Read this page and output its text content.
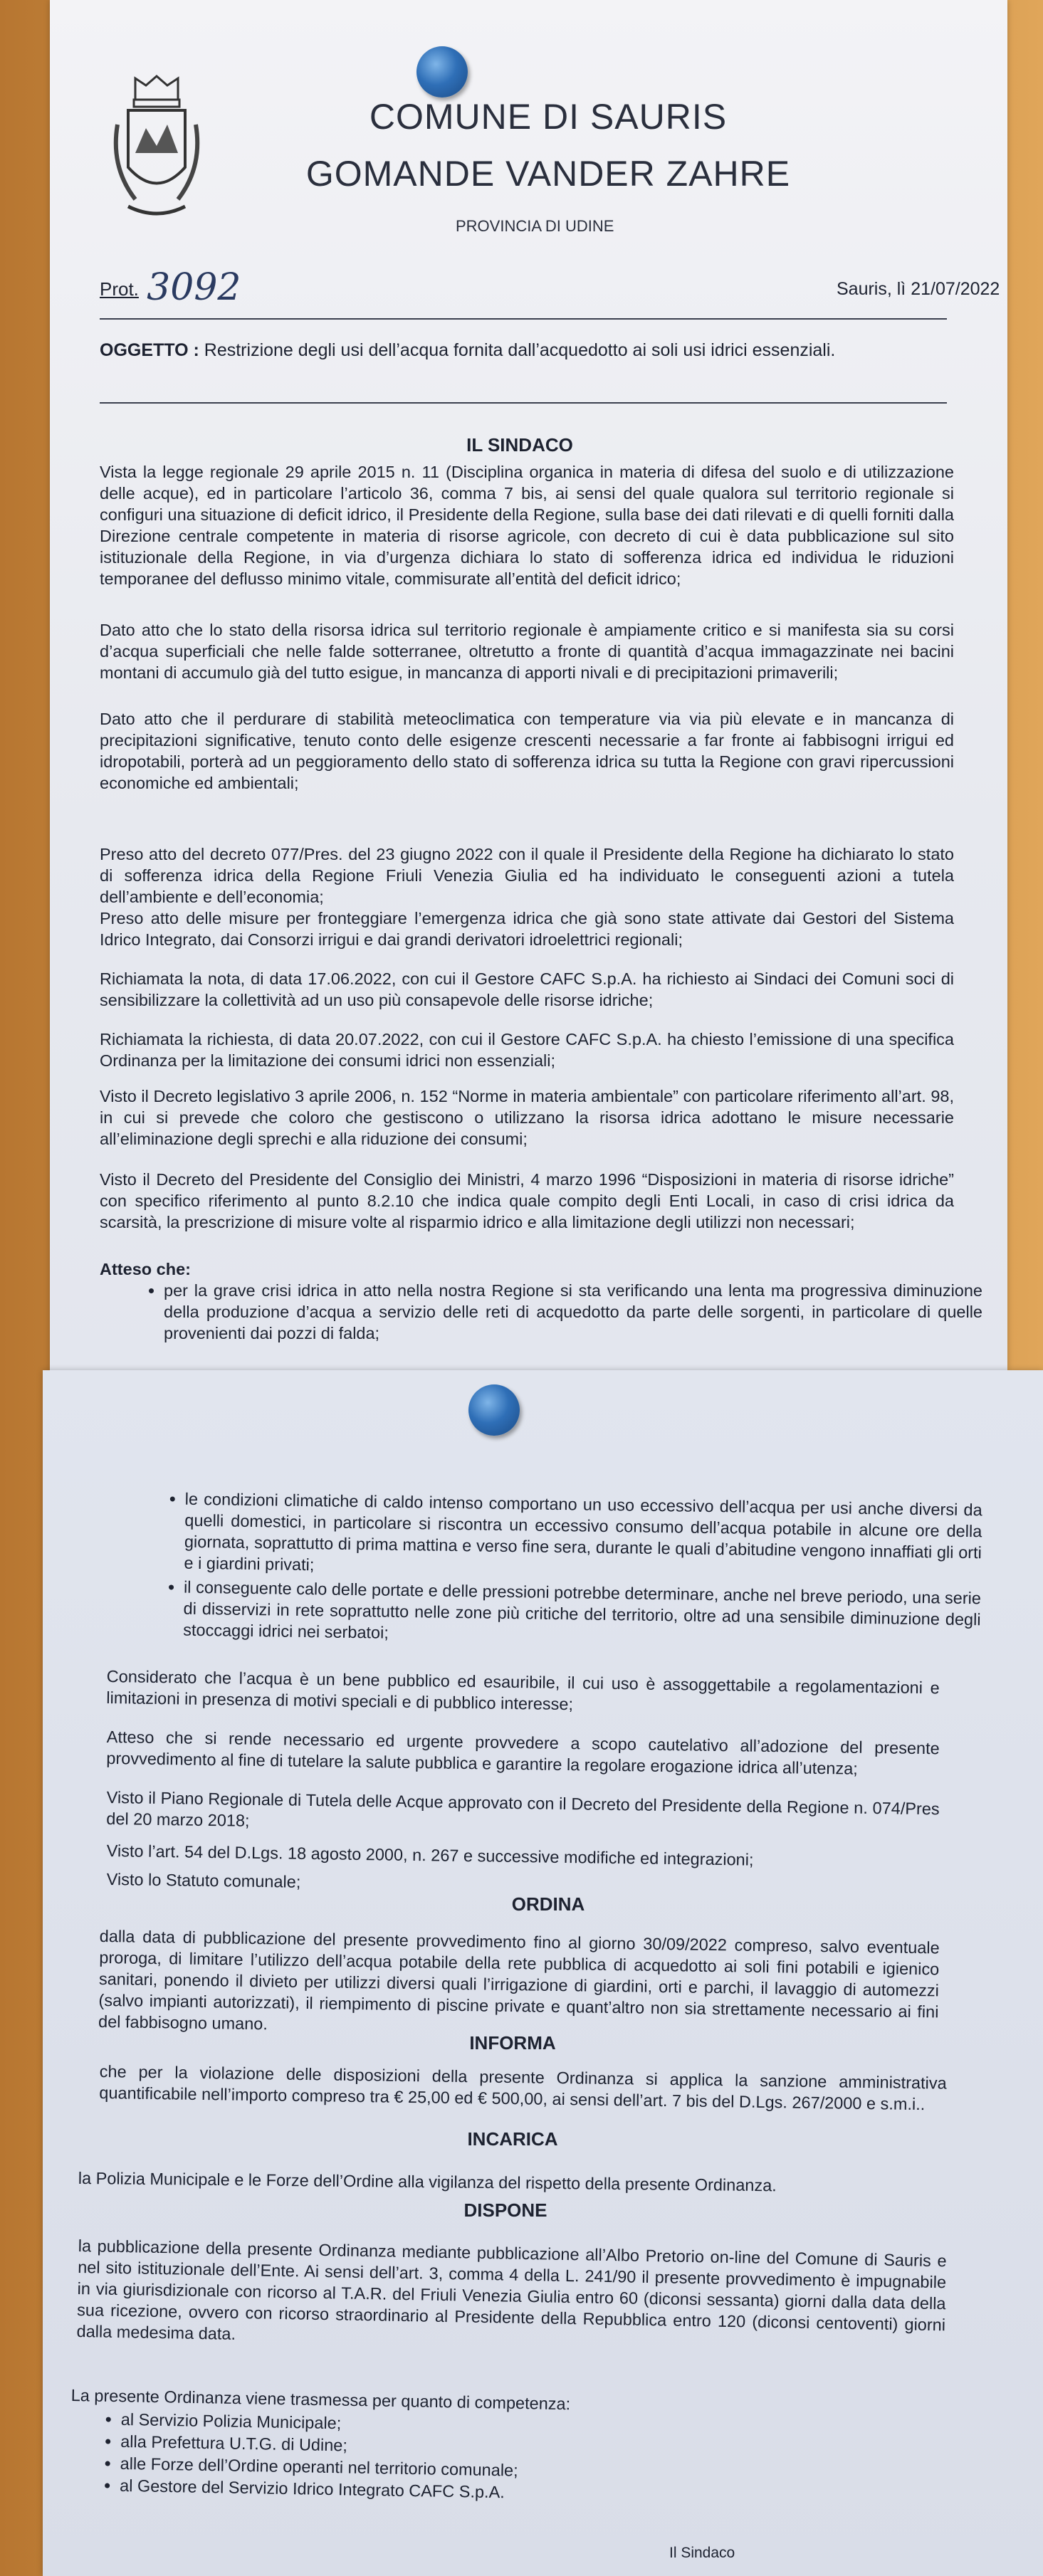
COMUNE DI SAURIS
GOMANDE VANDER ZAHRE
PROVINCIA DI UDINE
Prot. 3092	Sauris, lì 21/07/2022
OGGETTO : Restrizione degli usi dell’acqua fornita dall’acquedotto ai soli usi idrici essenziali.
IL SINDACO
Vista la legge regionale 29 aprile 2015 n. 11 (Disciplina organica in materia di difesa del suolo e di utilizzazione delle acque), ed in particolare l’articolo 36, comma 7 bis, ai sensi del quale qualora sul territorio regionale si configuri una situazione di deficit idrico, il Presidente della Regione, sulla base dei dati rilevati e di quelli forniti dalla Direzione centrale competente in materia di risorse agricole, con decreto di cui è data pubblicazione sul sito istituzionale della Regione, in via d’urgenza dichiara lo stato di sofferenza idrica ed individua le riduzioni temporanee del deflusso minimo vitale, commisurate all’entità del deficit idrico;
Dato atto che lo stato della risorsa idrica sul territorio regionale è ampiamente critico e si manifesta sia su corsi d’acqua superficiali che nelle falde sotterranee, oltretutto a fronte di quantità d’acqua immagazzinate nei bacini montani di accumulo già del tutto esigue, in mancanza di apporti nivali e di precipitazioni primaverili;
Dato atto che il perdurare di stabilità meteoclimatica con temperature via via più elevate e in mancanza di precipitazioni significative, tenuto conto delle esigenze crescenti necessarie a far fronte ai fabbisogni irrigui ed idropotabili, porterà ad un peggioramento dello stato di sofferenza idrica su tutta la Regione con gravi ripercussioni economiche ed ambientali;
Preso atto del decreto 077/Pres. del 23 giugno 2022 con il quale il Presidente della Regione ha dichiarato lo stato di sofferenza idrica della Regione Friuli Venezia Giulia ed ha individuato le conseguenti azioni a tutela dell’ambiente e dell’economia;
Preso atto delle misure per fronteggiare l’emergenza idrica che già sono state attivate dai Gestori del Sistema Idrico Integrato, dai Consorzi irrigui e dai grandi derivatori idroelettrici regionali;
Richiamata la nota, di data 17.06.2022, con cui il Gestore CAFC S.p.A. ha richiesto ai Sindaci dei Comuni soci di sensibilizzare la collettività ad un uso più consapevole delle risorse idriche;
Richiamata la richiesta, di data 20.07.2022, con cui il Gestore CAFC S.p.A. ha chiesto l’emissione di una specifica Ordinanza per la limitazione dei consumi idrici non essenziali;
Visto il Decreto legislativo 3 aprile 2006, n. 152 “Norme in materia ambientale” con particolare riferimento all’art. 98, in cui si prevede che coloro che gestiscono o utilizzano la risorsa idrica adottano le misure necessarie all’eliminazione degli sprechi e alla riduzione dei consumi;
Visto il Decreto del Presidente del Consiglio dei Ministri, 4 marzo 1996 “Disposizioni in materia di risorse idriche” con specifico riferimento al punto 8.2.10 che indica quale compito degli Enti Locali, in caso di crisi idrica da scarsità, la prescrizione di misure volte al risparmio idrico e alla limitazione degli utilizzi non necessari;
Atteso che:
• per la grave crisi idrica in atto nella nostra Regione si sta verificando una lenta ma progressiva diminuzione della produzione d’acqua a servizio delle reti di acquedotto da parte delle sorgenti, in particolare di quelle provenienti dai pozzi di falda;
• le condizioni climatiche di caldo intenso comportano un uso eccessivo dell’acqua per usi anche diversi da quelli domestici, in particolare si riscontra un eccessivo consumo dell’acqua potabile in alcune ore della giornata, soprattutto di prima mattina e verso fine sera, durante le quali d’abitudine vengono innaffiati gli orti e i giardini privati;
• il conseguente calo delle portate e delle pressioni potrebbe determinare, anche nel breve periodo, una serie di disservizi in rete soprattutto nelle zone più critiche del territorio, oltre ad una sensibile diminuzione degli stoccaggi idrici nei serbatoi;
Considerato che l’acqua è un bene pubblico ed esauribile, il cui uso è assoggettabile a regolamentazioni e limitazioni in presenza di motivi speciali e di pubblico interesse;
Atteso che si rende necessario ed urgente provvedere a scopo cautelativo all’adozione del presente provvedimento al fine di tutelare la salute pubblica e garantire la regolare erogazione idrica all’utenza;
Visto il Piano Regionale di Tutela delle Acque approvato con il Decreto del Presidente della Regione n. 074/Pres del 20 marzo 2018;
Visto l’art. 54 del D.Lgs. 18 agosto 2000, n. 267 e successive modifiche ed integrazioni;
Visto lo Statuto comunale;
ORDINA
dalla data di pubblicazione del presente provvedimento fino al giorno 30/09/2022 compreso, salvo eventuale proroga, di limitare l’utilizzo dell’acqua potabile della rete pubblica di acquedotto ai soli fini potabili e igienico sanitari, ponendo il divieto per utilizzi diversi quali l’irrigazione di giardini, orti e parchi, il lavaggio di automezzi (salvo impianti autorizzati), il riempimento di piscine private e quant’altro non sia strettamente necessario ai fini del fabbisogno umano.
INFORMA
che per la violazione delle disposizioni della presente Ordinanza si applica la sanzione amministrativa quantificabile nell’importo compreso tra € 25,00 ed € 500,00, ai sensi dell’art. 7 bis del D.Lgs. 267/2000 e s.m.i..
INCARICA
la Polizia Municipale e le Forze dell’Ordine alla vigilanza del rispetto della presente Ordinanza.
DISPONE
la pubblicazione della presente Ordinanza mediante pubblicazione all’Albo Pretorio on-line del Comune di Sauris e nel sito istituzionale dell’Ente. Ai sensi dell’art. 3, comma 4 della L. 241/90 il presente provvedimento è impugnabile in via giurisdizionale con ricorso al T.A.R. del Friuli Venezia Giulia entro 60 (diconsi sessanta) giorni dalla data della sua ricezione, ovvero con ricorso straordinario al Presidente della Repubblica entro 120 (diconsi centoventi) giorni dalla medesima data.
La presente Ordinanza viene trasmessa per quanto di competenza:
• al Servizio Polizia Municipale;
• alla Prefettura U.T.G. di Udine;
• alle Forze dell’Ordine operanti nel territorio comunale;
• al Gestore del Servizio Idrico Integrato CAFC S.p.A.
Il Sindaco
